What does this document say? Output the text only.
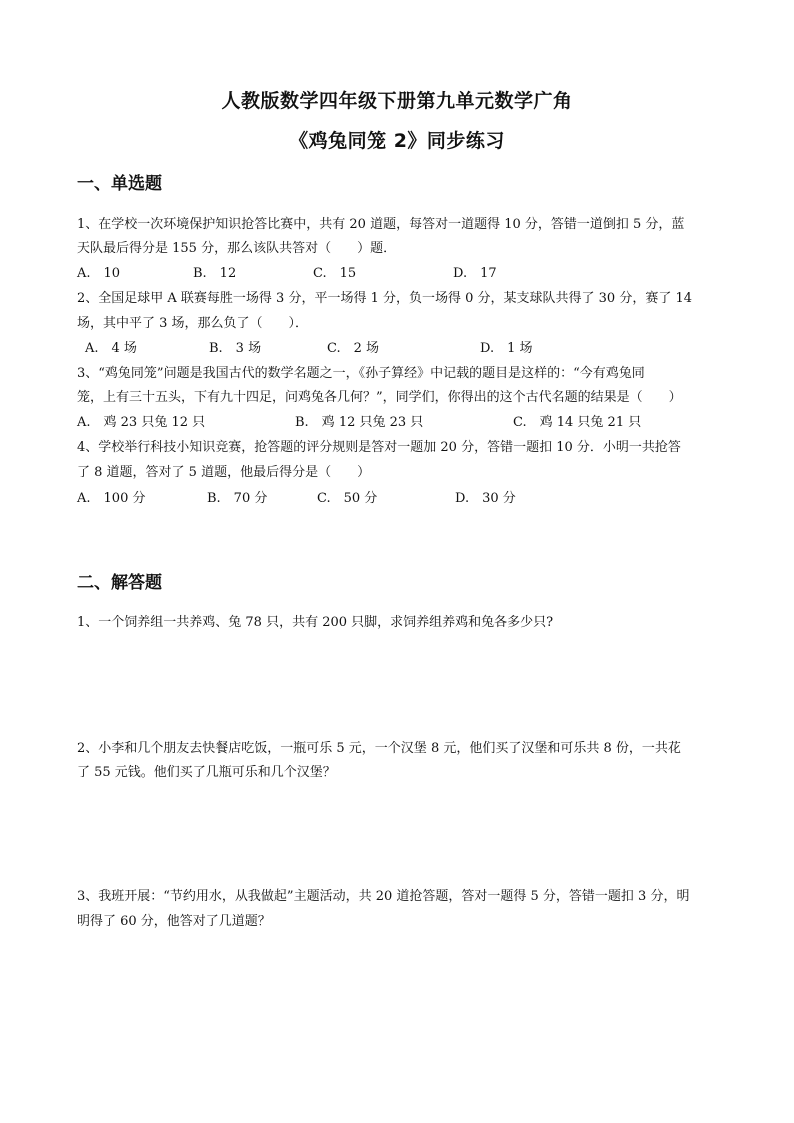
人教版数学四年级下册第九单元数学广角
《鸡兔同笼 2》同步练习
一、单选题
1、在学校一次环境保护知识抢答比赛中，共有 20 道题，每答对一道题得 10 分，答错一道倒扣 5 分，蓝
天队最后得分是 155 分，那么该队共答对（　　）题．
A.　10	B.　12	C.　15	D.　17
2、全国足球甲 A 联赛每胜一场得 3 分，平一场得 1 分，负一场得 0 分，某支球队共得了 30 分，赛了 14
场，其中平了 3 场，那么负了（　　）．
A.　4 场	B.　3 场	C.　2 场	D.　1 场
3、“鸡兔同笼”问题是我国古代的数学名题之一，《孙子算经》中记载的题目是这样的：“今有鸡兔同
笼，上有三十五头，下有九十四足，问鸡兔各几何？”，同学们，你得出的这个古代名题的结果是（　　）
A.　鸡 23 只兔 12 只	B.　鸡 12 只兔 23 只	C.　鸡 14 只兔 21 只
4、学校举行科技小知识竞赛，抢答题的评分规则是答对一题加 20 分，答错一题扣 10 分．小明一共抢答
了 8 道题，答对了 5 道题，他最后得分是（　　）
A.　100 分	B.　70 分	C.　50 分	D.　30 分
二、解答题
1、一个饲养组一共养鸡、兔 78 只，共有 200 只脚，求饲养组养鸡和兔各多少只?
2、小李和几个朋友去快餐店吃饭，一瓶可乐 5 元，一个汉堡 8 元，他们买了汉堡和可乐共 8 份，一共花
了 55 元钱。他们买了几瓶可乐和几个汉堡？
3、我班开展：“节约用水，从我做起”主题活动，共 20 道抢答题，答对一题得 5 分，答错一题扣 3 分，明
明得了 60 分，他答对了几道题？
